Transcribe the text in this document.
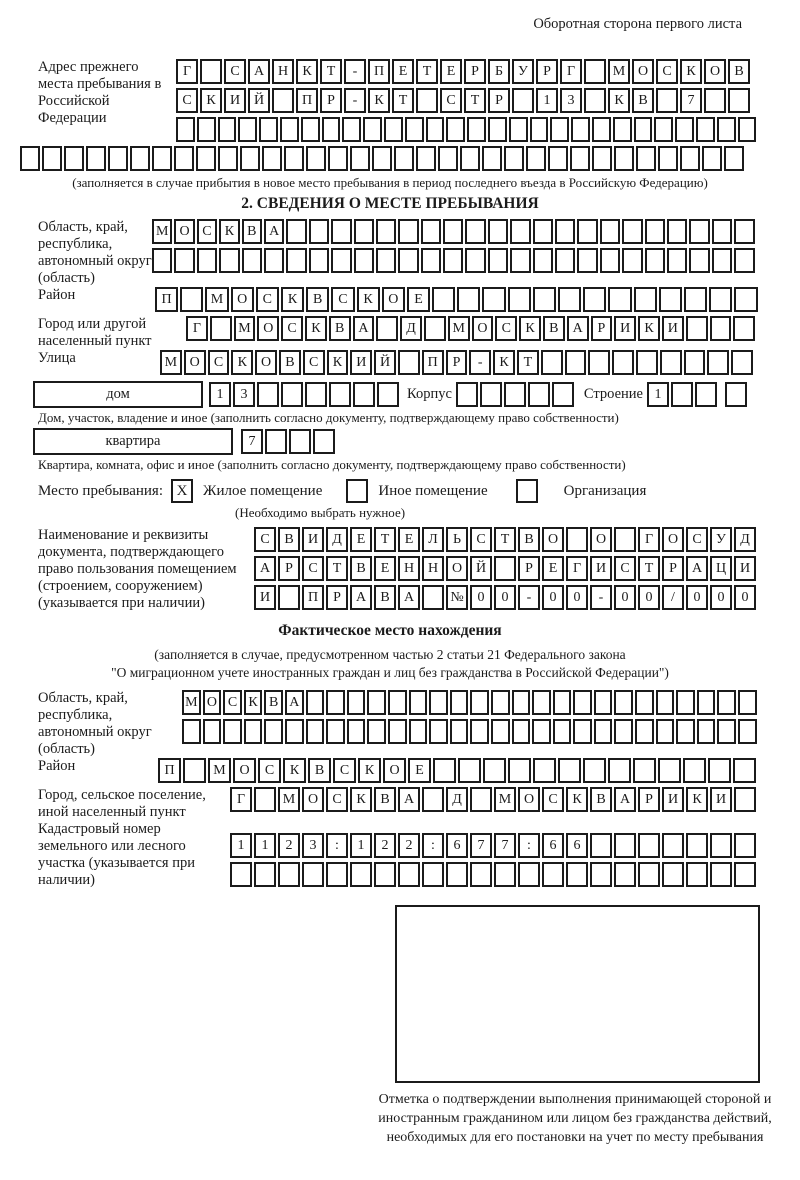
Оборотная сторона первого листа
Адрес прежнего места пребывания в Российской Федерации
Г	С	А Н	К	Т	-	П	Е	Т	Е	Р	Б	У	Р	Г	М О	С	К	О	В
С	К	И Й	П	Р	-	К	Т	С	Т	Р	1	3	К	В	7
(заполняется в случае прибытия в новое место пребывания в период последнего въезда в Российскую Федерацию)
2. СВЕДЕНИЯ О МЕСТЕ ПРЕБЫВАНИЯ
Область, край, республика, автономный округ (область)
М О С К В А
Район	П	М О	С	К	В	С	К	О	Е
Город или другой населенный пункт
Г	М О	С	К	В	А	Д	М О	С	К	В	А	Р	И	К	И
Улица	М О	С	К	О	В	С	К	И Й	П	Р	-	К	Т
дом	1	3	Корпус	Строение 1
Дом, участок, владение и иное (заполнить согласно документу, подтверждающему право собственности)
квартира	7
Квартира, комната, офис и иное (заполнить согласно документу, подтверждающему право собственности)
Место пребывания: X	Жилое помещение	Иное помещение	Организация
(Необходимо выбрать нужное)
Наименование и реквизиты документа, подтверждающего право пользования помещением (строением, сооружением) (указывается при наличии)
С	В	И	Д	Е	Т	Е	Л	Ь	С	Т	В	О	О	Г	О	С	У	Д
А	Р	С	Т	В	Е	Н Н О Й	Р	Е	Г	И	С	Т	Р	А Ц И
И	П	Р	А	В	А	№ 0	0	-	0	0	-	0	0	/	0	0	0
Фактическое место нахождения
(заполняется в случае, предусмотренном частью 2 статьи 21 Федерального закона
"О миграционном учете иностранных граждан и лиц без гражданства в Российской Федерации")
Область, край, республика, автономный округ (область)
М О С К В А
Район	П	М О	С	К	В	С	К	О	Е
Город, сельское поселение, иной населенный пункт
Г	М О	С	К	В	А	Д	М О	С	К	В	А	Р	И	К	И
Кадастровый номер земельного или лесного участка (указывается при наличии)
1	1	2	3	:	1	2	2	:	6	7	7	:	6	6
Отметка о подтверждении выполнения принимающей стороной и иностранным гражданином или лицом без гражданства действий, необходимых для его постановки на учет по месту пребывания
